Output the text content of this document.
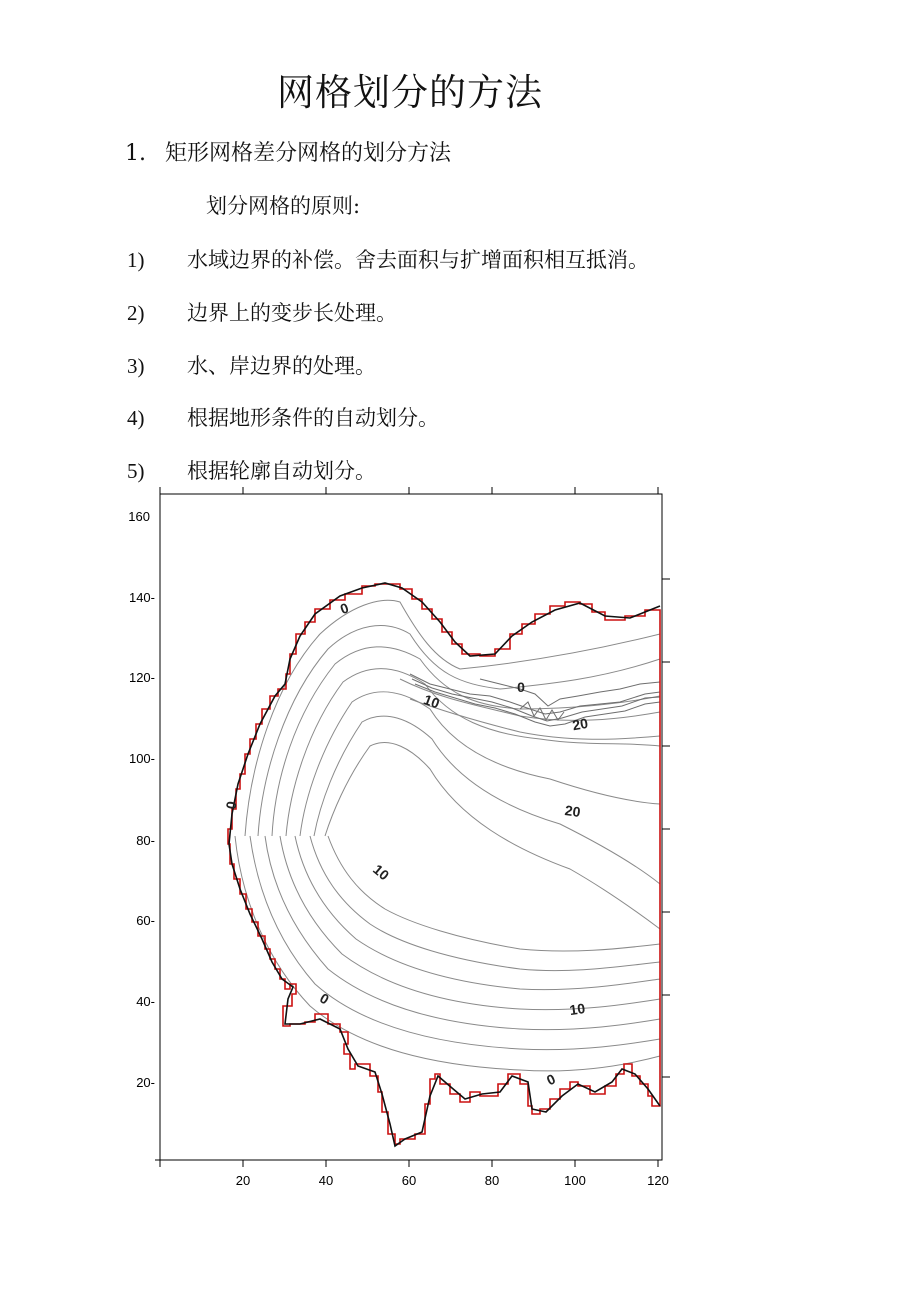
网格划分的方法
1. 矩形网格差分网格的划分方法
划分网格的原则:
1) 水域边界的补偿。舍去面积与扩增面积相互抵消。
2) 边界上的变步长处理。
3) 水、岸边界的处理。
4) 根据地形条件的自动划分。
5) 根据轮廓自动划分。
20	40	60	80	100	120
160
140-
120-
100-
80-
60-
40-
20-
0
0
10
20
0
20
10
0
10
0
